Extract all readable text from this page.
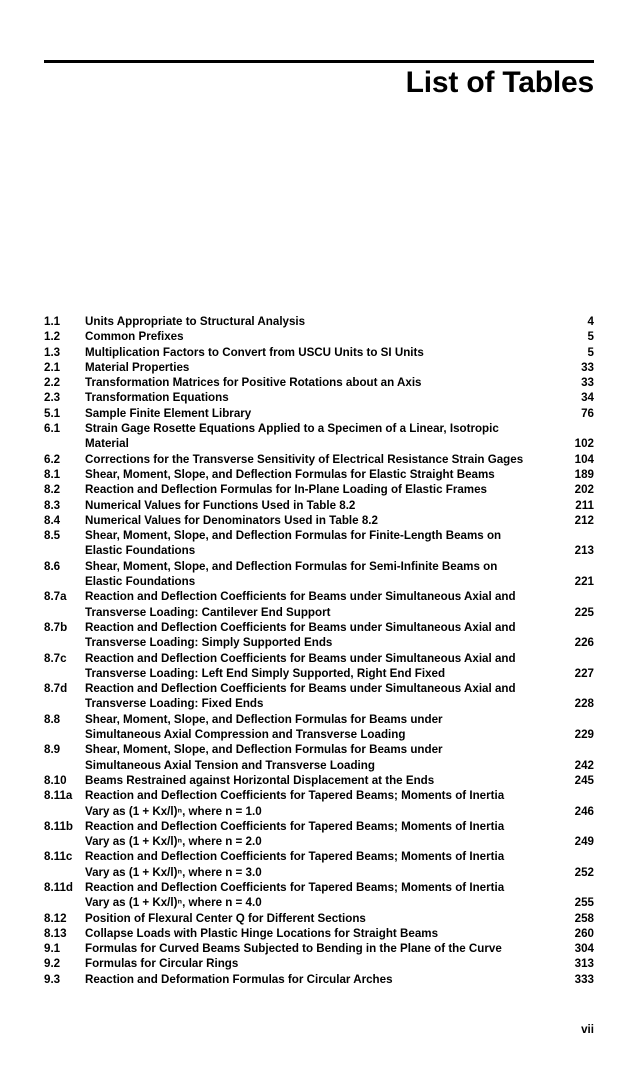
List of Tables
1.1	Units Appropriate to Structural Analysis	4
1.2	Common Prefixes	5
1.3	Multiplication Factors to Convert from USCU Units to SI Units	5
2.1	Material Properties	33
2.2	Transformation Matrices for Positive Rotations about an Axis	33
2.3	Transformation Equations	34
5.1	Sample Finite Element Library	76
6.1	Strain Gage Rosette Equations Applied to a Specimen of a Linear, Isotropic
Material	102
6.2	Corrections for the Transverse Sensitivity of Electrical Resistance Strain Gages	104
8.1	Shear, Moment, Slope, and Deflection Formulas for Elastic Straight Beams	189
8.2	Reaction and Deflection Formulas for In-Plane Loading of Elastic Frames	202
8.3	Numerical Values for Functions Used in Table 8.2	211
8.4	Numerical Values for Denominators Used in Table 8.2	212
8.5	Shear, Moment, Slope, and Deflection Formulas for Finite-Length Beams on
Elastic Foundations	213
8.6	Shear, Moment, Slope, and Deflection Formulas for Semi-Infinite Beams on
Elastic Foundations	221
8.7a	Reaction and Deflection Coefficients for Beams under Simultaneous Axial and
Transverse Loading: Cantilever End Support	225
8.7b	Reaction and Deflection Coefficients for Beams under Simultaneous Axial and
Transverse Loading: Simply Supported Ends	226
8.7c	Reaction and Deflection Coefficients for Beams under Simultaneous Axial and
Transverse Loading: Left End Simply Supported, Right End Fixed	227
8.7d	Reaction and Deflection Coefficients for Beams under Simultaneous Axial and
Transverse Loading: Fixed Ends	228
8.8	Shear, Moment, Slope, and Deflection Formulas for Beams under
Simultaneous Axial Compression and Transverse Loading	229
8.9	Shear, Moment, Slope, and Deflection Formulas for Beams under
Simultaneous Axial Tension and Transverse Loading	242
8.10	Beams Restrained against Horizontal Displacement at the Ends	245
8.11a	Reaction and Deflection Coefficients for Tapered Beams; Moments of Inertia
Vary as (1 + Kx/l)ⁿ, where n = 1.0	246
8.11b	Reaction and Deflection Coefficients for Tapered Beams; Moments of Inertia
Vary as (1 + Kx/l)ⁿ, where n = 2.0	249
8.11c	Reaction and Deflection Coefficients for Tapered Beams; Moments of Inertia
Vary as (1 + Kx/l)ⁿ, where n = 3.0	252
8.11d	Reaction and Deflection Coefficients for Tapered Beams; Moments of Inertia
Vary as (1 + Kx/l)ⁿ, where n = 4.0	255
8.12	Position of Flexural Center Q for Different Sections	258
8.13	Collapse Loads with Plastic Hinge Locations for Straight Beams	260
9.1	Formulas for Curved Beams Subjected to Bending in the Plane of the Curve	304
9.2	Formulas for Circular Rings	313
9.3	Reaction and Deformation Formulas for Circular Arches	333
vii
